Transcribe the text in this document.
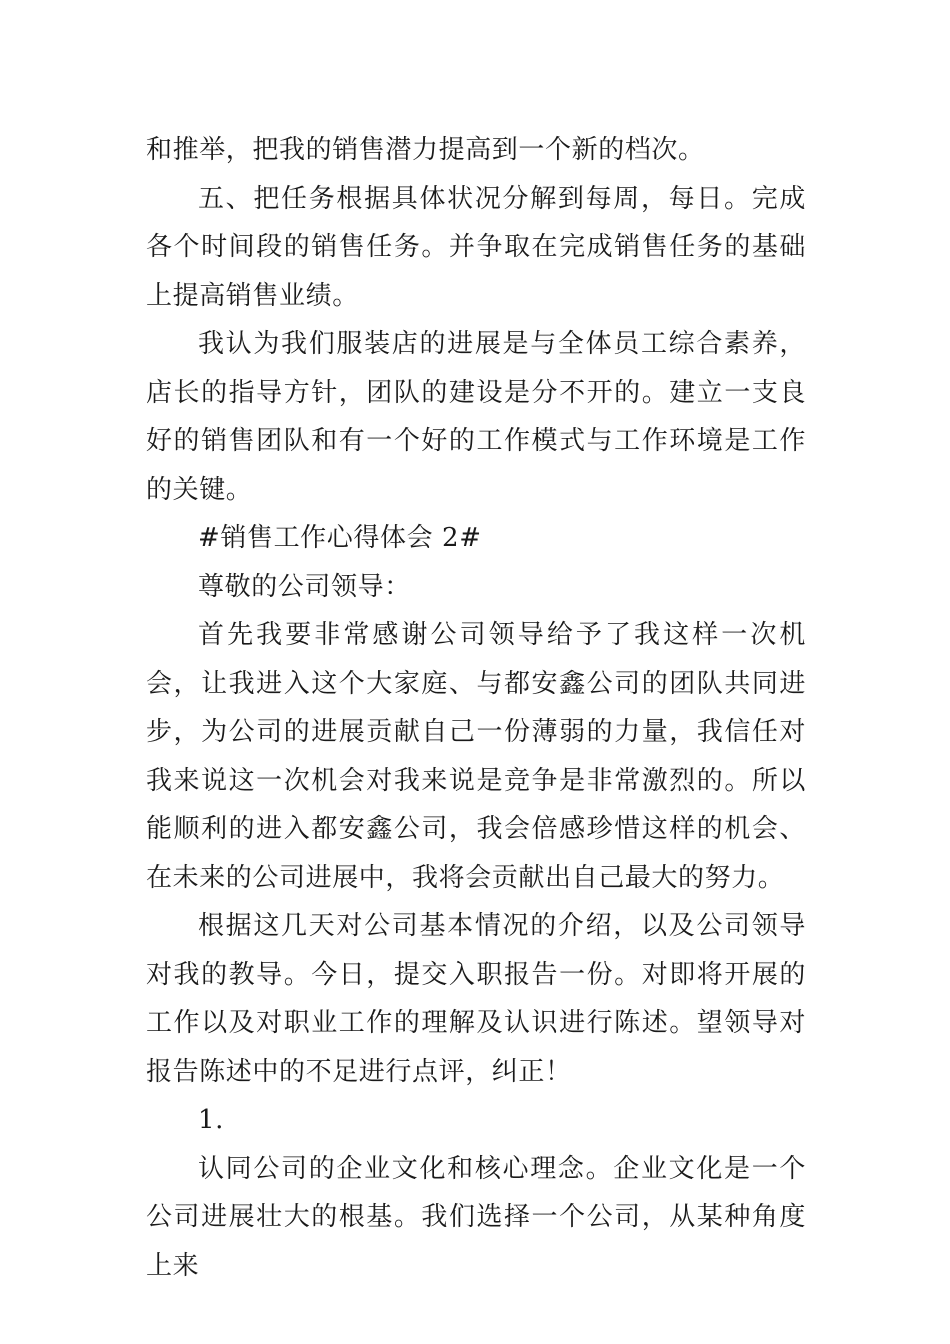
和推举，把我的销售潜力提高到一个新的档次。

五、把任务根据具体状况分解到每周，每日。完成各个时间段的销售任务。并争取在完成销售任务的基础上提高销售业绩。

我认为我们服装店的进展是与全体员工综合素养，店长的指导方针，团队的建设是分不开的。建立一支良好的销售团队和有一个好的工作模式与工作环境是工作的关键。

#销售工作心得体会 2#

尊敬的公司领导：

首先我要非常感谢公司领导给予了我这样一次机会，让我进入这个大家庭、与都安鑫公司的团队共同进步，为公司的进展贡献自己一份薄弱的力量，我信任对我来说这一次机会对我来说是竞争是非常激烈的。所以能顺利的进入都安鑫公司，我会倍感珍惜这样的机会、在未来的公司进展中，我将会贡献出自己最大的努力。

根据这几天对公司基本情况的介绍，以及公司领导对我的教导。今日，提交入职报告一份。对即将开展的工作以及对职业工作的理解及认识进行陈述。望领导对报告陈述中的不足进行点评，纠正！

1.

认同公司的企业文化和核心理念。企业文化是一个公司进展壮大的根基。我们选择一个公司，从某种角度上来
